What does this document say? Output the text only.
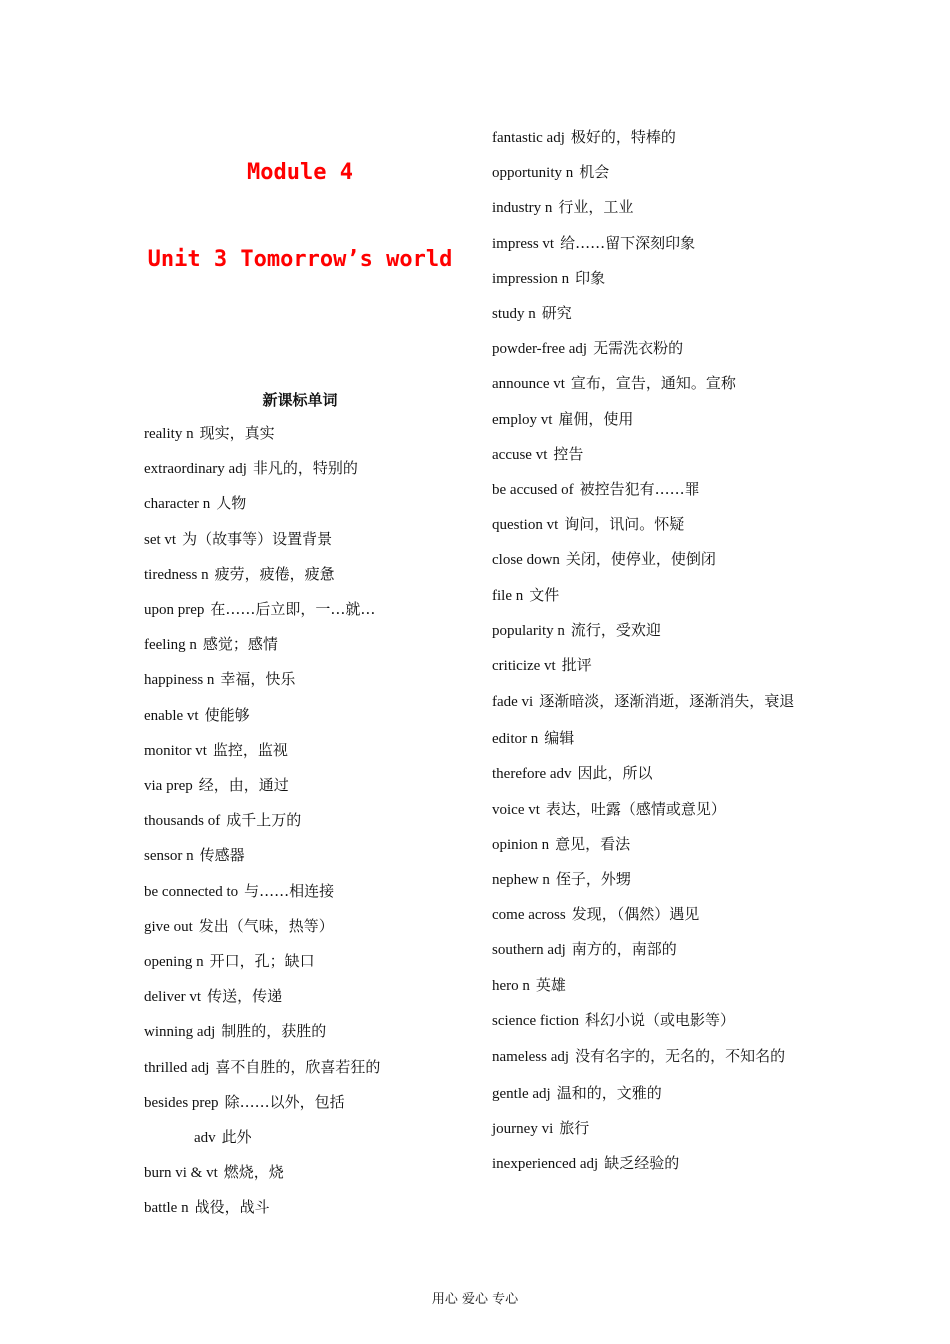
Module 4
Unit 3 Tomorrow’s world
新课标单词
reality n 现实，真实
extraordinary adj 非凡的，特别的
character n 人物
set vt 为（故事等）设置背景
tiredness n 疲劳，疲倦，疲惫
upon prep 在……后立即，一…就…
feeling n 感觉；感情
happiness n 幸福，快乐
enable vt 使能够
monitor vt 监控，监视
via prep 经，由，通过
thousands of 成千上万的
sensor n 传感器
be connected to 与……相连接
give out 发出（气味，热等）
opening n 开口，孔；缺口
deliver vt 传送，传递
winning adj 制胜的，获胜的
thrilled adj 喜不自胜的，欣喜若狂的
besides prep 除……以外，包括
adv 此外
burn vi & vt 燃烧，烧
battle n 战役，战斗
fantastic adj 极好的，特棒的
opportunity n 机会
industry n 行业，工业
impress vt 给……留下深刻印象
impression n 印象
study n 研究
powder-free adj 无需洗衣粉的
announce vt 宣布，宣告，通知。宣称
employ vt 雇佣，使用
accuse vt 控告
be accused of 被控告犯有……罪
question vt 询问，讯问。怀疑
close down 关闭，使停业，使倒闭
file n 文件
popularity n 流行，受欢迎
criticize vt 批评
fade vi 逐渐暗淡，逐渐消逝，逐渐消失，衰退
editor n 编辑
therefore adv 因此，所以
voice vt 表达，吐露（感情或意见）
opinion n 意见，看法
nephew n 侄子，外甥
come across 发现，（偶然）遇见
southern adj 南方的，南部的
hero n 英雄
science fiction 科幻小说（或电影等）
nameless adj 没有名字的，无名的，不知名的
gentle adj 温和的，文雅的
journey vi 旅行
inexperienced adj 缺乏经验的
用心 爱心 专心
